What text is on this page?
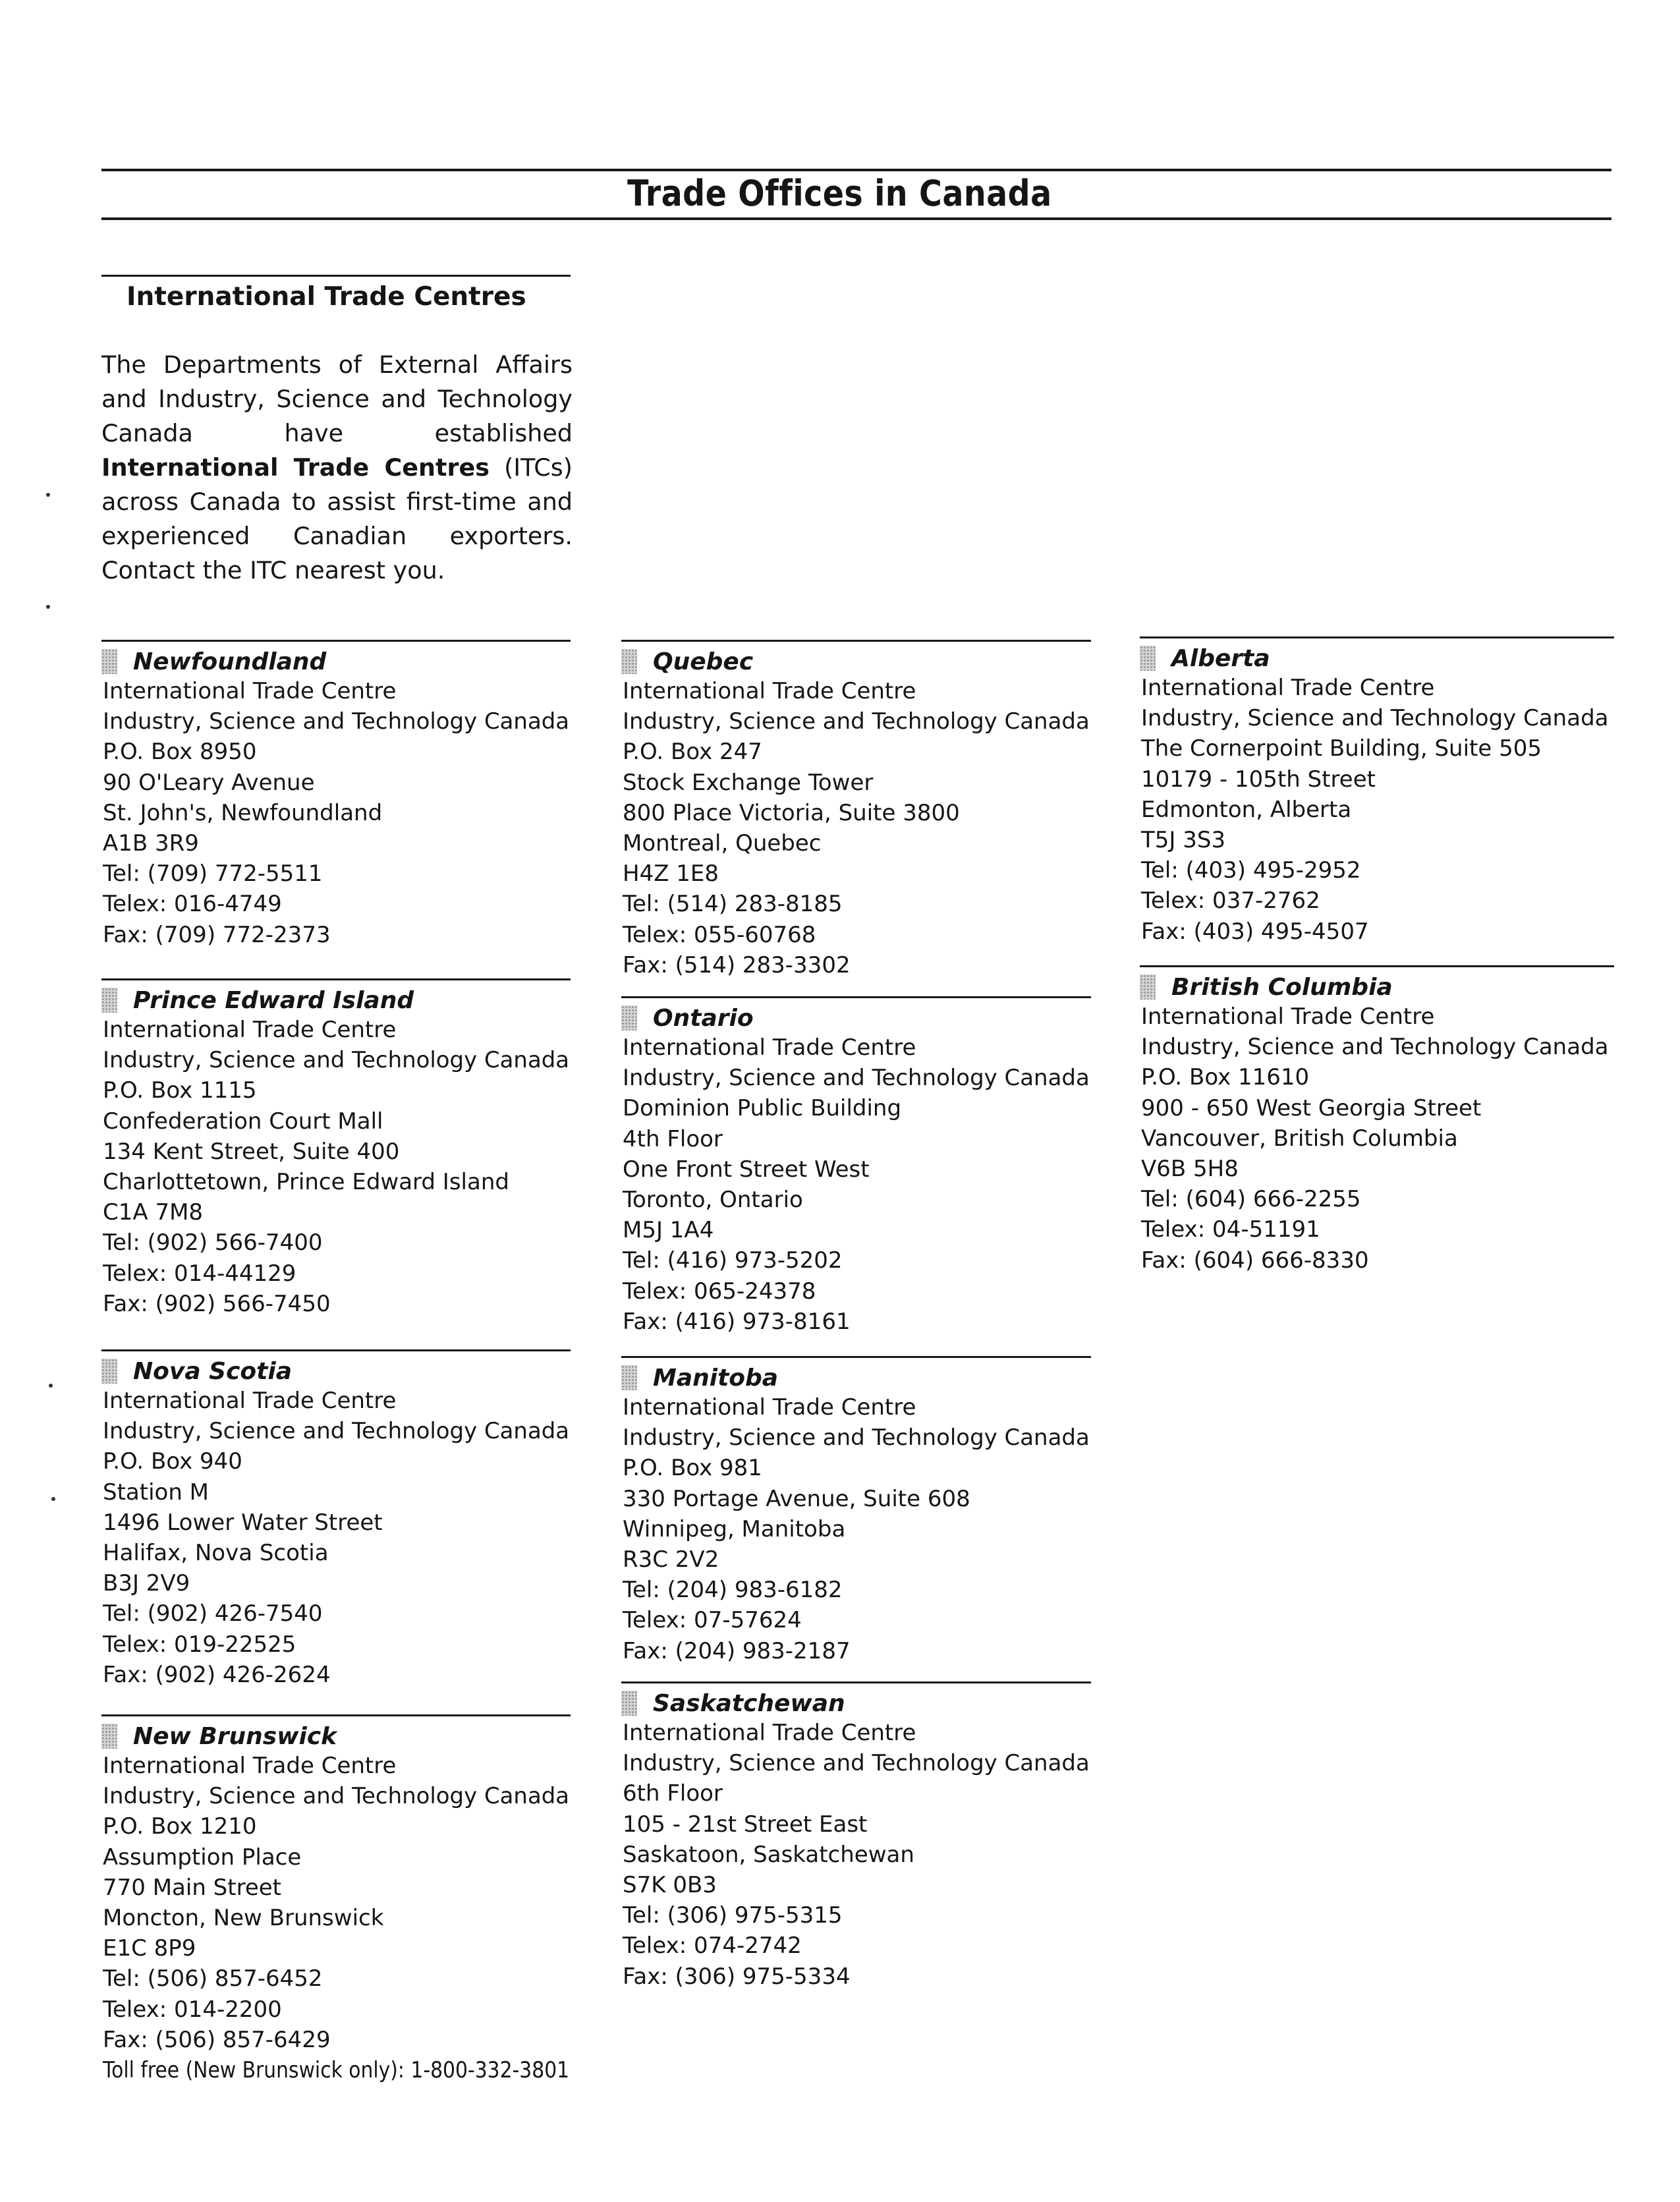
Trade Offices in Canada
International Trade Centres

The Departments of External Affairs and Industry, Science and Technology Canada have established International Trade Centres (ITCs) across Canada to assist first-time and experienced Canadian exporters. Contact the ITC nearest you.

Newfoundland
International Trade Centre
Industry, Science and Technology Canada
P.O. Box 8950
90 O'Leary Avenue
St. John's, Newfoundland
A1B 3R9
Tel: (709) 772-5511
Telex: 016-4749
Fax: (709) 772-2373
Prince Edward Island
International Trade Centre
Industry, Science and Technology Canada
P.O. Box 1115
Confederation Court Mall
134 Kent Street, Suite 400
Charlottetown, Prince Edward Island
C1A 7M8
Tel: (902) 566-7400
Telex: 014-44129
Fax: (902) 566-7450
Nova Scotia
International Trade Centre
Industry, Science and Technology Canada
P.O. Box 940
Station M
1496 Lower Water Street
Halifax, Nova Scotia
B3J 2V9
Tel: (902) 426-7540
Telex: 019-22525
Fax: (902) 426-2624
New Brunswick
International Trade Centre
Industry, Science and Technology Canada
P.O. Box 1210
Assumption Place
770 Main Street
Moncton, New Brunswick
E1C 8P9
Tel: (506) 857-6452
Telex: 014-2200
Fax: (506) 857-6429
Toll free (New Brunswick only): 1-800-332-3801
Quebec
International Trade Centre
Industry, Science and Technology Canada
P.O. Box 247
Stock Exchange Tower
800 Place Victoria, Suite 3800
Montreal, Quebec
H4Z 1E8
Tel: (514) 283-8185
Telex: 055-60768
Fax: (514) 283-3302
Ontario
International Trade Centre
Industry, Science and Technology Canada
Dominion Public Building
4th Floor
One Front Street West
Toronto, Ontario
M5J 1A4
Tel: (416) 973-5202
Telex: 065-24378
Fax: (416) 973-8161
Manitoba
International Trade Centre
Industry, Science and Technology Canada
P.O. Box 981
330 Portage Avenue, Suite 608
Winnipeg, Manitoba
R3C 2V2
Tel: (204) 983-6182
Telex: 07-57624
Fax: (204) 983-2187
Saskatchewan
International Trade Centre
Industry, Science and Technology Canada
6th Floor
105 - 21st Street East
Saskatoon, Saskatchewan
S7K 0B3
Tel: (306) 975-5315
Telex: 074-2742
Fax: (306) 975-5334
Alberta
International Trade Centre
Industry, Science and Technology Canada
The Cornerpoint Building, Suite 505
10179 - 105th Street
Edmonton, Alberta
T5J 3S3
Tel: (403) 495-2952
Telex: 037-2762
Fax: (403) 495-4507
British Columbia
International Trade Centre
Industry, Science and Technology Canada
P.O. Box 11610
900 - 650 West Georgia Street
Vancouver, British Columbia
V6B 5H8
Tel: (604) 666-2255
Telex: 04-51191
Fax: (604) 666-8330
